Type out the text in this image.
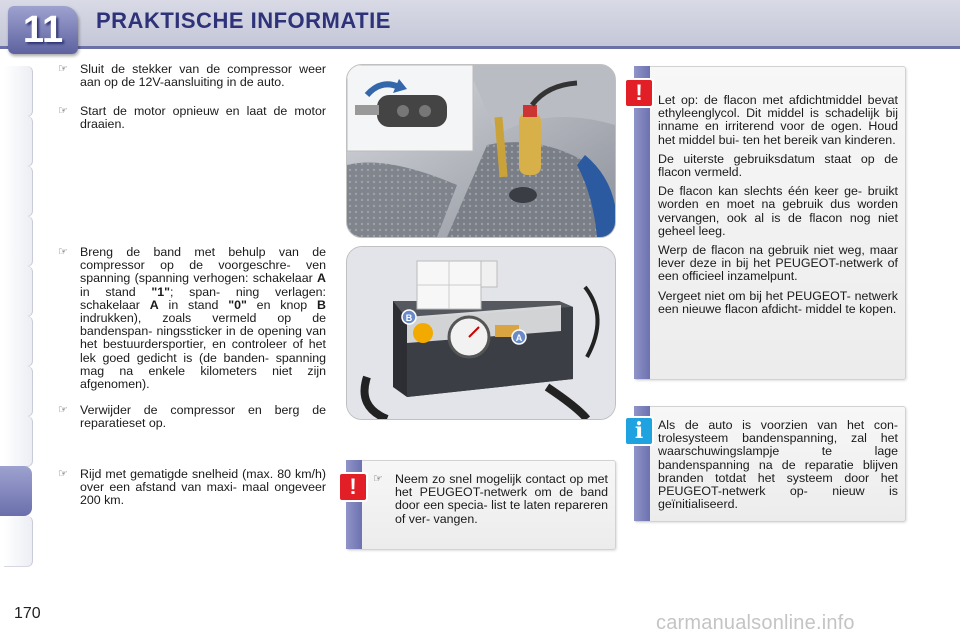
11	PRAKTISCHE INFORMATIE
☞ Sluit de stekker van de compressor weer aan op de 12V-aansluiting in de auto.
☞ Start de motor opnieuw en laat de motor draaien.
☞ Breng de band met behulp van de compressor op de voorgeschre- ven spanning (spanning verhogen: schakelaar A in stand "1"; span- ning verlagen: schakelaar A in stand "0" en knop B indrukken), zoals vermeld op de bandenspan- ningssticker in de opening van het bestuurdersportier, en controleer of het lek goed gedicht is (de banden- spanning mag na enkele kilometers niet zijn afgenomen).
☞ Verwijder de compressor en berg de reparatieset op.
☞ Rijd met gematigde snelheid (max. 80 km/h) over een afstand van maxi- maal ongeveer 200 km.
B
A
!	☞ Neem zo snel mogelijk contact op met het PEUGEOT-netwerk om de band door een specia- list te laten repareren of ver- vangen.
!	Let op: de flacon met afdichtmiddel bevat ethyleenglycol. Dit middel is schadelijk bij inname en irriterend voor de ogen. Houd het middel bui- ten het bereik van kinderen.

De uiterste gebruiksdatum staat op de flacon vermeld.

De flacon kan slechts één keer ge- bruikt worden en moet na gebruik dus worden vervangen, ook al is de flacon nog niet geheel leeg.

Werp de flacon na gebruik niet weg, maar lever deze in bij het PEUGEOT-netwerk of een officieel inzamelpunt.

Vergeet niet om bij het PEUGEOT- netwerk een nieuwe flacon afdicht- middel te kopen.

i	Als de auto is voorzien van het con- trolesysteem bandenspanning, zal het waarschuwingslampje te lage bandenspanning na de reparatie blijven branden totdat het systeem door het PEUGEOT-netwerk op- nieuw is geïnitialiseerd.
170	carmanualsonline.info
